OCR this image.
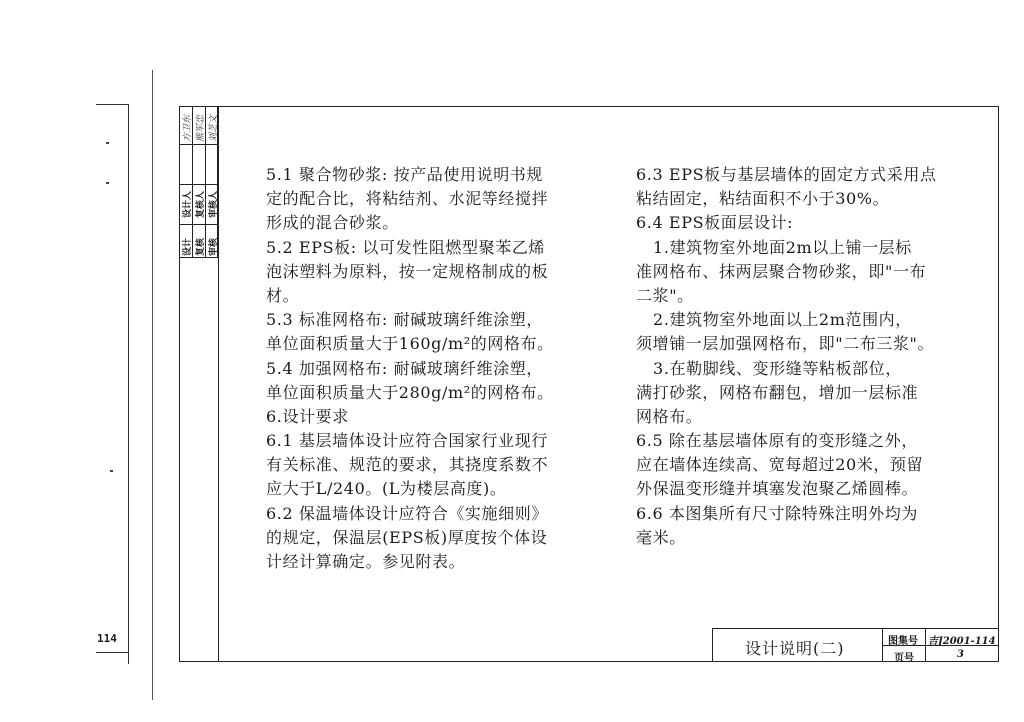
114
设计 复核 审核
设计人 复核人 审核人
方卫东 熊军忠 刘芝文
5.1 聚合物砂浆: 按产品使用说明书规
定的配合比，将粘结剂、水泥等经搅拌
形成的混合砂浆。
5.2 EPS板: 以可发性阻燃型聚苯乙烯
泡沫塑料为原料，按一定规格制成的板
材。
5.3 标准网格布: 耐碱玻璃纤维涂塑，
单位面积质量大于160g/m²的网格布。
5.4 加强网格布: 耐碱玻璃纤维涂塑，
单位面积质量大于280g/m²的网格布。
6.设计要求
6.1 基层墙体设计应符合国家行业现行
有关标准、规范的要求，其挠度系数不
应大于L/240。(L为楼层高度)。
6.2 保温墙体设计应符合《实施细则》
的规定，保温层(EPS板)厚度按个体设
计经计算确定。参见附表。
6.3 EPS板与基层墙体的固定方式采用点
粘结固定，粘结面积不小于30%。
6.4 EPS板面层设计:
1.建筑物室外地面2m以上铺一层标
准网格布、抹两层聚合物砂浆，即"一布
二浆"。
2.建筑物室外地面以上2m范围内，
须增铺一层加强网格布，即"二布三浆"。
3.在勒脚线、变形缝等粘板部位，
满打砂浆，网格布翻包，增加一层标准
网格布。
6.5 除在基层墙体原有的变形缝之外，
应在墙体连续高、宽每超过20米，预留
外保温变形缝并填塞发泡聚乙烯圆棒。
6.6 本图集所有尺寸除特殊注明外均为
毫米。
设计说明(二)	图集号 吉J2001-114
页号	3
